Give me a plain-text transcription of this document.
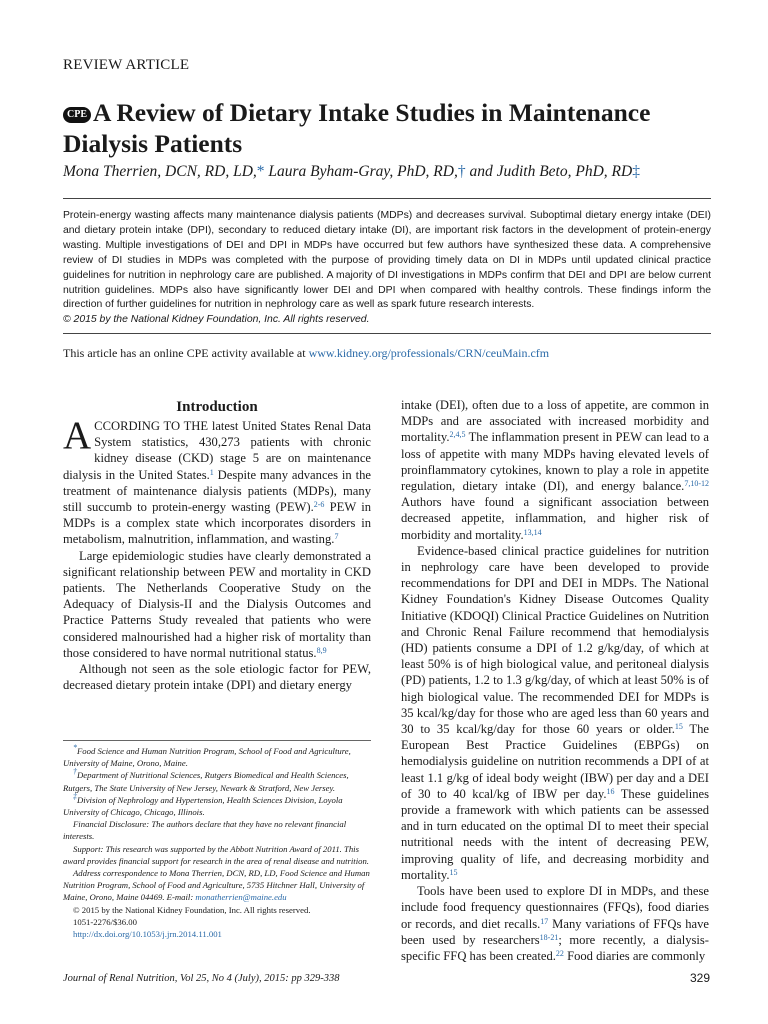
REVIEW ARTICLE
CPE A Review of Dietary Intake Studies in Maintenance Dialysis Patients
Mona Therrien, DCN, RD, LD,* Laura Byham-Gray, PhD, RD,† and Judith Beto, PhD, RD‡
Protein-energy wasting affects many maintenance dialysis patients (MDPs) and decreases survival. Suboptimal dietary energy intake (DEI) and dietary protein intake (DPI), secondary to reduced dietary intake (DI), are important risk factors in the development of protein-energy wasting. Multiple investigations of DEI and DPI in MDPs have occurred but few authors have synthesized these data. A comprehensive review of DI studies in MDPs was completed with the purpose of providing timely data on DI in MDPs until updated clinical practice guidelines for nutrition in nephrology care are published. A majority of DI investigations in MDPs confirm that DEI and DPI are below current nutrition guidelines. MDPs also have significantly lower DEI and DPI when compared with healthy controls. These findings inform the direction of further guidelines for nutrition in nephrology care as well as spark future research interests.
© 2015 by the National Kidney Foundation, Inc. All rights reserved.
This article has an online CPE activity available at www.kidney.org/professionals/CRN/ceuMain.cfm
Introduction

ACCORDING TO THE latest United States Renal Data System statistics, 430,273 patients with chronic kidney disease (CKD) stage 5 are on maintenance dialysis in the United States.$^1$ Despite many advances in the treatment of maintenance dialysis patients (MDPs), many still succumb to protein-energy wasting (PEW).$^{2-6}$ PEW in MDPs is a complex state which incorporates disorders in metabolism, malnutrition, inflammation, and wasting.$^7$

Large epidemiologic studies have clearly demonstrated a significant relationship between PEW and mortality in CKD patients. The Netherlands Cooperative Study on the Adequacy of Dialysis-II and the Dialysis Outcomes and Practice Patterns Study revealed that patients who were considered malnourished had a higher risk of mortality than those considered to have normal nutritional status.$^{8,9}$

Although not seen as the sole etiologic factor for PEW, decreased dietary protein intake (DPI) and dietary energy

*Food Science and Human Nutrition Program, School of Food and Agriculture, University of Maine, Orono, Maine.

†Department of Nutritional Sciences, Rutgers Biomedical and Health Sciences, Rutgers, The State University of New Jersey, Newark & Stratford, New Jersey.

‡Division of Nephrology and Hypertension, Health Sciences Division, Loyola University of Chicago, Chicago, Illinois.

Financial Disclosure: The authors declare that they have no relevant financial interests.

Support: This research was supported by the Abbott Nutrition Award of 2011. This award provides financial support for research in the area of renal disease and nutrition.

Address correspondence to Mona Therrien, DCN, RD, LD, Food Science and Human Nutrition Program, School of Food and Agriculture, 5735 Hitchner Hall, University of Maine, Orono, Maine 04469. E-mail: monatherrien@maine.edu

© 2015 by the National Kidney Foundation, Inc. All rights reserved.

1051-2276/$36.00

http://dx.doi.org/10.1053/j.jrn.2014.11.001

intake (DEI), often due to a loss of appetite, are common in MDPs and are associated with increased morbidity and mortality.$^{2,4,5}$ The inflammation present in PEW can lead to a loss of appetite with many MDPs having elevated levels of proinflammatory cytokines, known to play a role in appetite regulation, dietary intake (DI), and energy balance.$^{7,10-12}$ Authors have found a significant association between decreased appetite, inflammation, and higher risk of morbidity and mortality.$^{13,14}$

Evidence-based clinical practice guidelines for nutrition in nephrology care have been developed to provide recommendations for DPI and DEI in MDPs. The National Kidney Foundation's Kidney Disease Outcomes Quality Initiative (KDOQI) Clinical Practice Guidelines on Nutrition and Chronic Renal Failure recommend that hemodialysis (HD) patients consume a DPI of 1.2 g/kg/day, of which at least 50% is of high biological value, and peritoneal dialysis (PD) patients, 1.2 to 1.3 g/kg/day, of which at least 50% is of high biological value. The recommended DEI for MDPs is 35 kcal/kg/day for those who are aged less than 60 years and 30 to 35 kcal/kg/day for those 60 years or older.$^{15}$ The European Best Practice Guidelines (EBPGs) on hemodialysis guideline on nutrition recommends a DPI of at least 1.1 g/kg of ideal body weight (IBW) per day and a DEI of 30 to 40 kcal/kg of IBW per day.$^{16}$ These guidelines provide a framework with which patients can be assessed and in turn educated on the optimal DI to meet their special nutritional needs with the intent of decreasing PEW, improving quality of life, and decreasing morbidity and mortality.$^{15}$

Tools have been used to explore DI in MDPs, and these include food frequency questionnaires (FFQs), food diaries or records, and diet recalls.$^{17}$ Many variations of FFQs have been used by researchers$^{18-21}$; more recently, a dialysis-specific FFQ has been created.$^{22}$ Food diaries are commonly

Journal of Renal Nutrition, Vol 25, No 4 (July), 2015: pp 329-338	329
